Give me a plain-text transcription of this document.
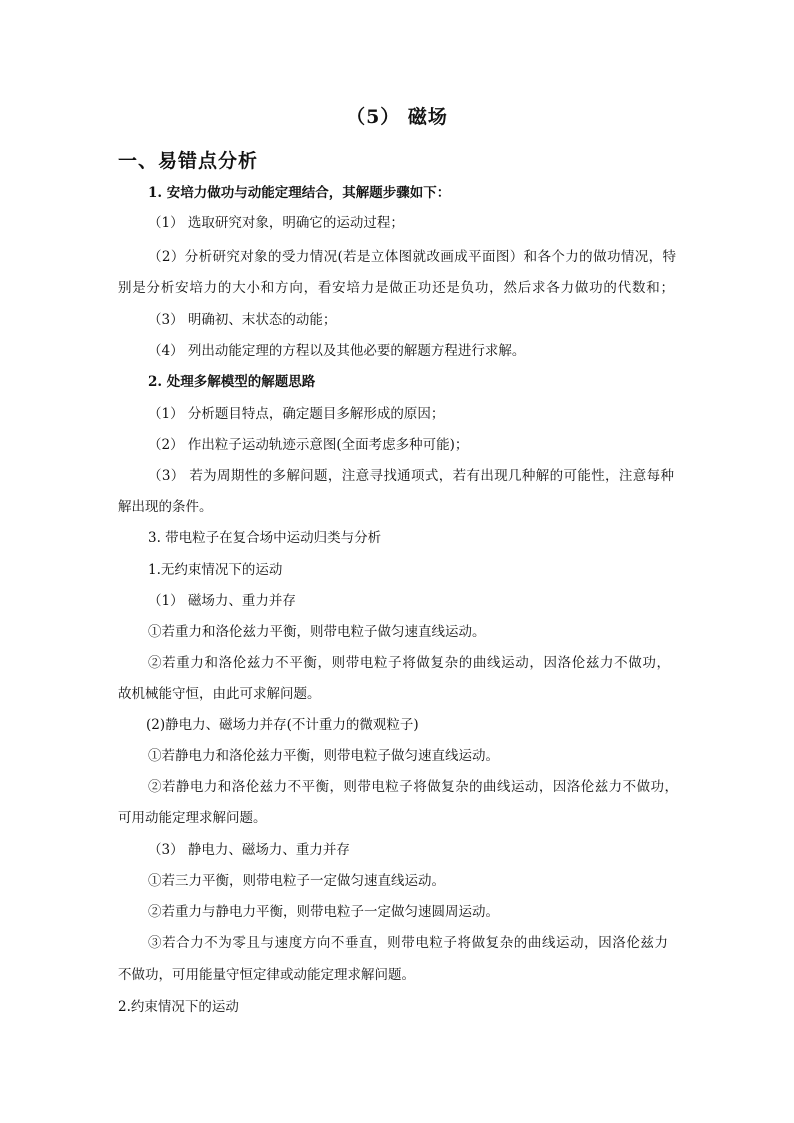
（5） 磁场
一、易错点分析
1. 安培力做功与动能定理结合，其解题步骤如下：
（1） 选取研究对象，明确它的运动过程；
（2）分析研究对象的受力情况(若是立体图就改画成平面图）和各个力的做功情况，特
别是分析安培力的大小和方向，看安培力是做正功还是负功，然后求各力做功的代数和；
（3） 明确初、末状态的动能；
（4） 列出动能定理的方程以及其他必要的解题方程进行求解。
2. 处理多解模型的解题思路
（1） 分析题目特点，确定题目多解形成的原因；
（2） 作出粒子运动轨迹示意图(全面考虑多种可能)；
（3） 若为周期性的多解问题，注意寻找通项式，若有出现几种解的可能性，注意每种
解出现的条件。
3. 带电粒子在复合场中运动归类与分析
1.无约束情况下的运动
（1） 磁场力、重力并存
①若重力和洛伦兹力平衡，则带电粒子做匀速直线运动。
②若重力和洛伦兹力不平衡，则带电粒子将做复杂的曲线运动，因洛伦兹力不做功，
故机械能守恒，由此可求解问题。
(2)静电力、磁场力并存(不计重力的微观粒子)
①若静电力和洛伦兹力平衡，则带电粒子做匀速直线运动。
②若静电力和洛伦兹力不平衡，则带电粒子将做复杂的曲线运动，因洛伦兹力不做功，
可用动能定理求解问题。
（3） 静电力、磁场力、重力并存
①若三力平衡，则带电粒子一定做匀速直线运动。
②若重力与静电力平衡，则带电粒子一定做匀速圆周运动。
③若合力不为零且与速度方向不垂直，则带电粒子将做复杂的曲线运动，因洛伦兹力
不做功，可用能量守恒定律或动能定理求解问题。
2.约束情况下的运动
